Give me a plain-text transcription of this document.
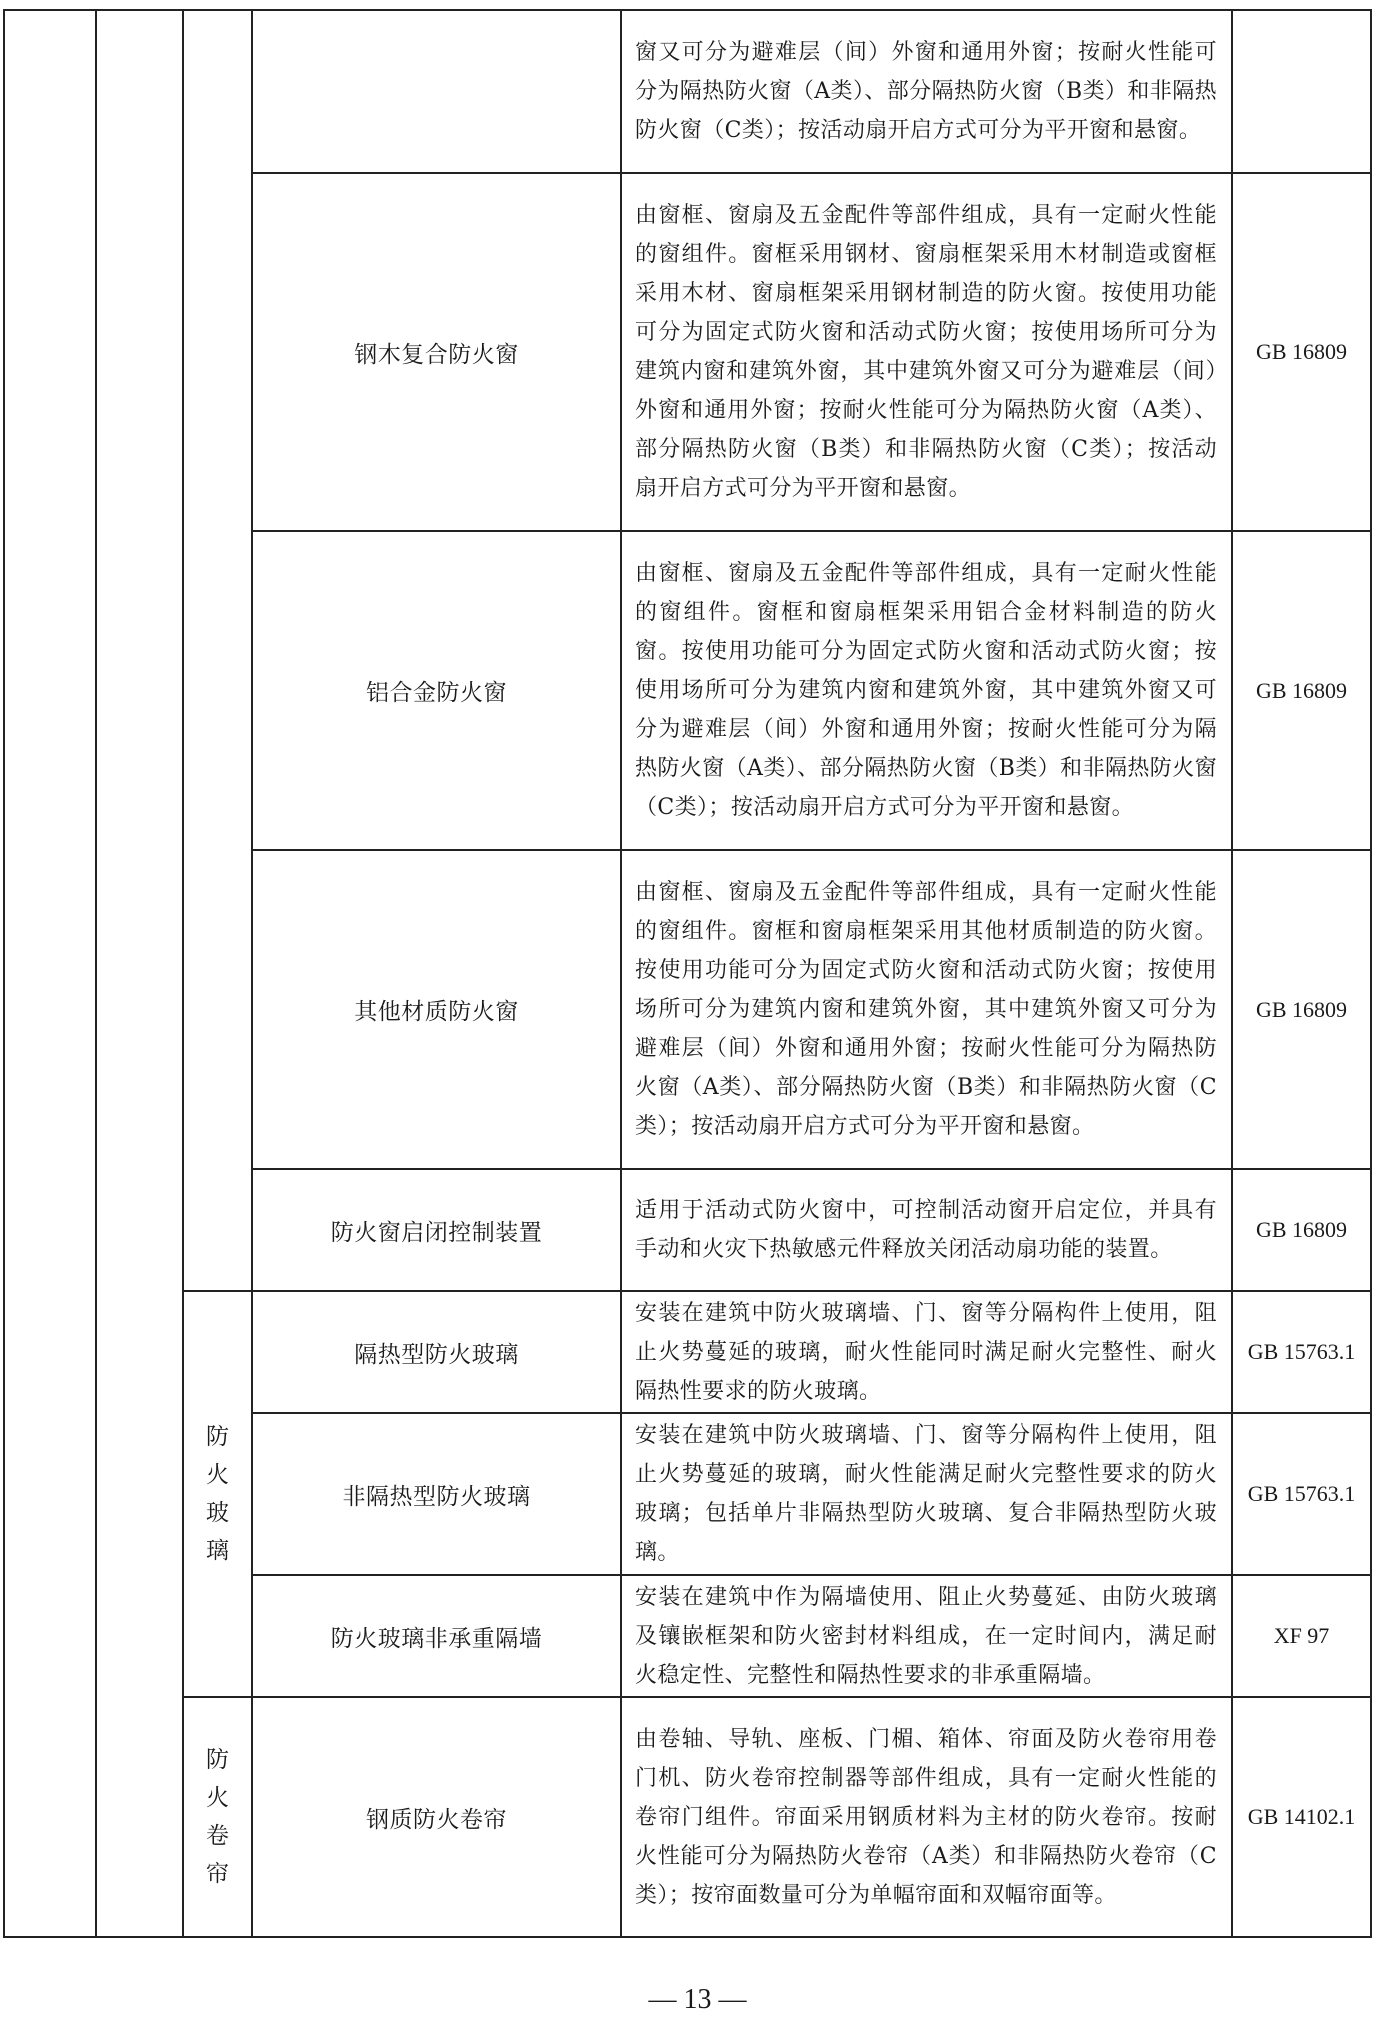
				窗又可分为避难层（间）外窗和通用外窗；按耐火性能可分为隔热防火窗（A类）、部分隔热防火窗（B类）和非隔热防火窗（C类）；按活动扇开启方式可分为平开窗和悬窗。	
			钢木复合防火窗	由窗框、窗扇及五金配件等部件组成，具有一定耐火性能的窗组件。窗框采用钢材、窗扇框架采用木材制造或窗框采用木材、窗扇框架采用钢材制造的防火窗。按使用功能可分为固定式防火窗和活动式防火窗；按使用场所可分为建筑内窗和建筑外窗，其中建筑外窗又可分为避难层（间）外窗和通用外窗；按耐火性能可分为隔热防火窗（A类）、部分隔热防火窗（B类）和非隔热防火窗（C类）；按活动扇开启方式可分为平开窗和悬窗。	GB 16809
			铝合金防火窗	由窗框、窗扇及五金配件等部件组成，具有一定耐火性能的窗组件。窗框和窗扇框架采用铝合金材料制造的防火窗。按使用功能可分为固定式防火窗和活动式防火窗；按使用场所可分为建筑内窗和建筑外窗，其中建筑外窗又可分为避难层（间）外窗和通用外窗；按耐火性能可分为隔热防火窗（A类）、部分隔热防火窗（B类）和非隔热防火窗（C类）；按活动扇开启方式可分为平开窗和悬窗。	GB 16809
			其他材质防火窗	由窗框、窗扇及五金配件等部件组成，具有一定耐火性能的窗组件。窗框和窗扇框架采用其他材质制造的防火窗。按使用功能可分为固定式防火窗和活动式防火窗；按使用场所可分为建筑内窗和建筑外窗，其中建筑外窗又可分为避难层（间）外窗和通用外窗；按耐火性能可分为隔热防火窗（A类）、部分隔热防火窗（B类）和非隔热防火窗（C类）；按活动扇开启方式可分为平开窗和悬窗。	GB 16809
			防火窗启闭控制装置	适用于活动式防火窗中，可控制活动窗开启定位，并具有手动和火灾下热敏感元件释放关闭活动扇功能的装置。	GB 16809

		防火玻璃	隔热型防火玻璃	安装在建筑中防火玻璃墙、门、窗等分隔构件上使用，阻止火势蔓延的玻璃，耐火性能同时满足耐火完整性、耐火隔热性要求的防火玻璃。	GB 15763.1
			非隔热型防火玻璃	安装在建筑中防火玻璃墙、门、窗等分隔构件上使用，阻止火势蔓延的玻璃，耐火性能满足耐火完整性要求的防火玻璃；包括单片非隔热型防火玻璃、复合非隔热型防火玻璃。	GB 15763.1
			防火玻璃非承重隔墙	安装在建筑中作为隔墙使用、阻止火势蔓延、由防火玻璃及镶嵌框架和防火密封材料组成，在一定时间内，满足耐火稳定性、完整性和隔热性要求的非承重隔墙。	XF 97

		防火卷帘	钢质防火卷帘	由卷轴、导轨、座板、门楣、箱体、帘面及防火卷帘用卷门机、防火卷帘控制器等部件组成，具有一定耐火性能的卷帘门组件。帘面采用钢质材料为主材的防火卷帘。按耐火性能可分为隔热防火卷帘（A类）和非隔热防火卷帘（C类）；按帘面数量可分为单幅帘面和双幅帘面等。	GB 14102.1
— 13 —
